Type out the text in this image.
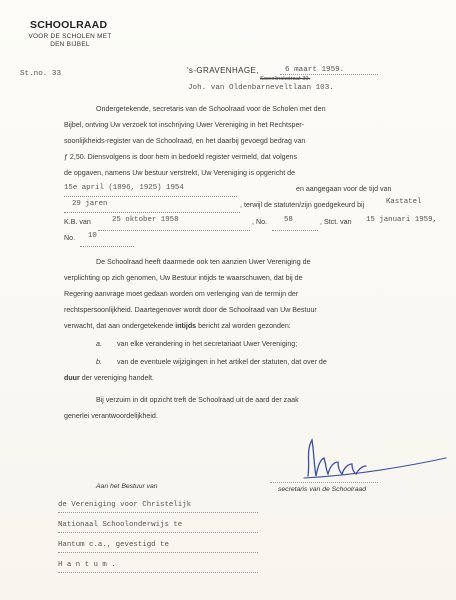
SCHOOLRAAD
VOOR DE SCHOLEN MET
DEN BIJBEL
St.no. 33	's-GRAVENHAGE,	6 maart 1959.
Sweelinckstraat 39.
Joh. van Oldenbarneveltlaan 103.
Ondergetekende, secretaris van de Schoolraad voor de Scholen met den
Bijbel, ontving Uw verzoek tot inschrijving Uwer Vereniging in het Rechtsper-
soonlijkheids-register van de Schoolraad, en het daarbij gevoegd bedrag van
ƒ 2,50. Diensvolgens is door hem in bedoeld register vermeld, dat volgens
de opgaven, namens Uw bestuur verstrekt, Uw Vereniging is opgericht de
15e april (1896, 1925) 1954	en aangegaan voor de tijd van
29 jaren	, terwijl de statuten/zijn goedgekeurd bij	Kastatel
K.B. van	25 oktober 1958	, No. 58	, Stct. van 15 januari 1959,
No. 10
De Schoolraad heeft daarmede ook ten aanzien Uwer Vereniging de
verplichting op zich genomen, Uw Bestuur intijds te waarschuwen, dat bij de
Regering aanvrage moet gedaan worden om verlenging van de termijn der
rechtspersoonlijkheid. Daartegenover wordt door de Schoolraad van Uw Bestuur
verwacht, dat aan ondergetekende intijds bericht zal worden gezonden:
a. van elke verandering in het secretariaat Uwer Vereniging;
b. van de eventuele wijzigingen in het artikel der statuten, dat over de
duur der vereniging handelt.
Bij verzuim in dit opzicht treft de Schoolraad uit de aard der zaak
generlei verantwoordelijkheid.
secretaris van de Schoolraad
Aan het Bestuur van
de Vereniging voor Christelijk
Nationaal Schoolonderwijs te
Hantum c.a., gevestigd te
H a n t u m .
